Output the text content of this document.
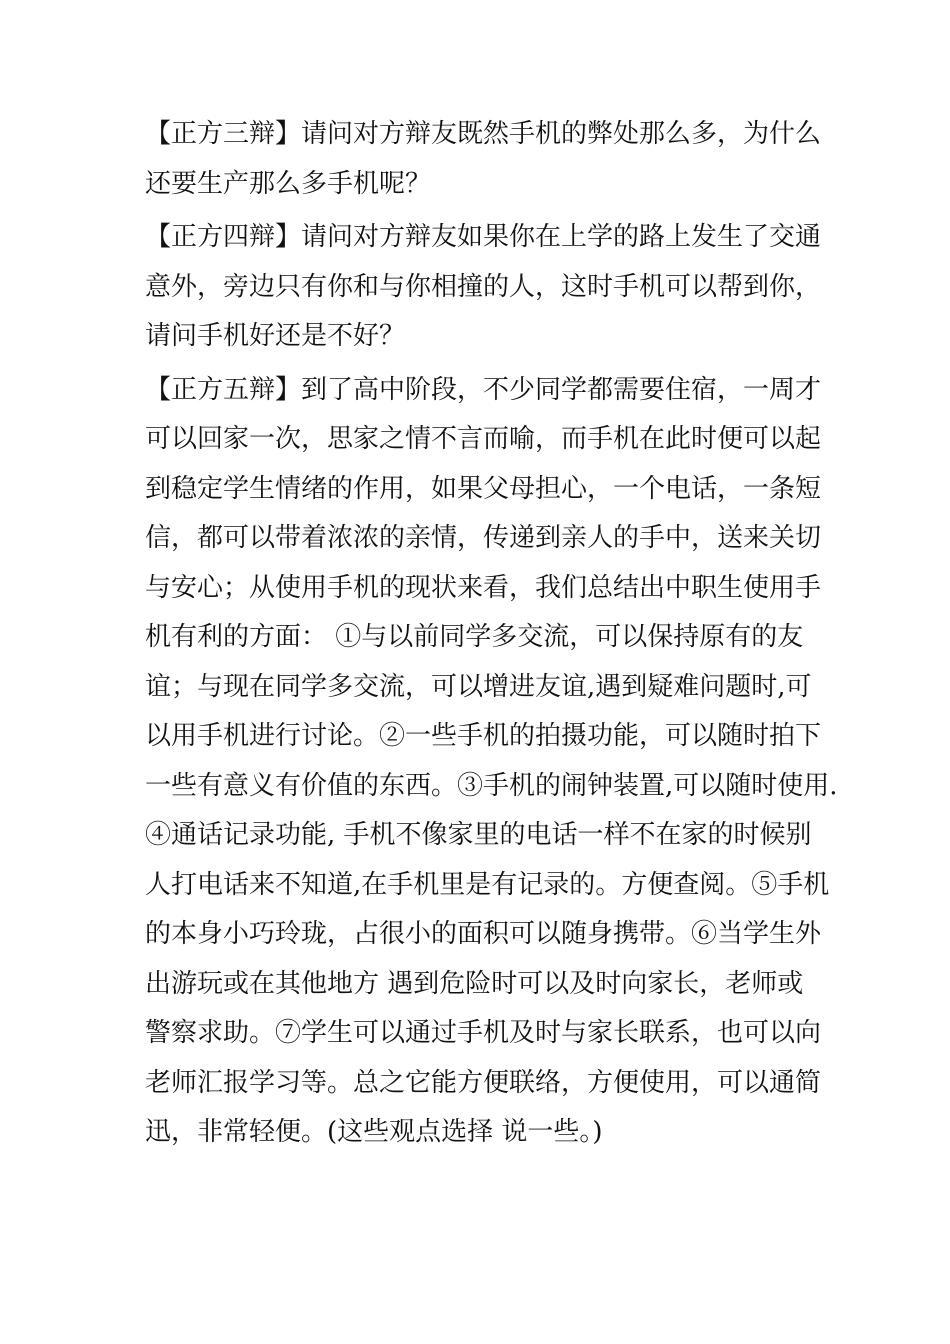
【正方三辩】请问对方辩友既然手机的弊处那么多，为什么
还要生产那么多手机呢？

【正方四辩】请问对方辩友如果你在上学的路上发生了交通
意外，旁边只有你和与你相撞的人，这时手机可以帮到你，
请问手机好还是不好？

【正方五辩】到了高中阶段，不少同学都需要住宿，一周才
可以回家一次，思家之情不言而喻，而手机在此时便可以起
到稳定学生情绪的作用，如果父母担心，一个电话，一条短
信，都可以带着浓浓的亲情，传递到亲人的手中，送来关切
与安心；从使用手机的现状来看，我们总结出中职生使用手
机有利的方面： ①与以前同学多交流，可以保持原有的友
谊；与现在同学多交流，可以增进友谊,遇到疑难问题时,可
以用手机进行讨论。②一些手机的拍摄功能，可以随时拍下
一些有意义有价值的东西。③手机的闹钟装置,可以随时使用.
④通话记录功能, 手机不像家里的电话一样不在家的时候别
人打电话来不知道,在手机里是有记录的。方便查阅。⑤手机
的本身小巧玲珑，占很小的面积可以随身携带。⑥当学生外
出游玩或在其他地方 遇到危险时可以及时向家长，老师或
警察求助。⑦学生可以通过手机及时与家长联系，也可以向
老师汇报学习等。总之它能方便联络，方便使用，可以通简
迅，非常轻便。(这些观点选择 说一些。)
